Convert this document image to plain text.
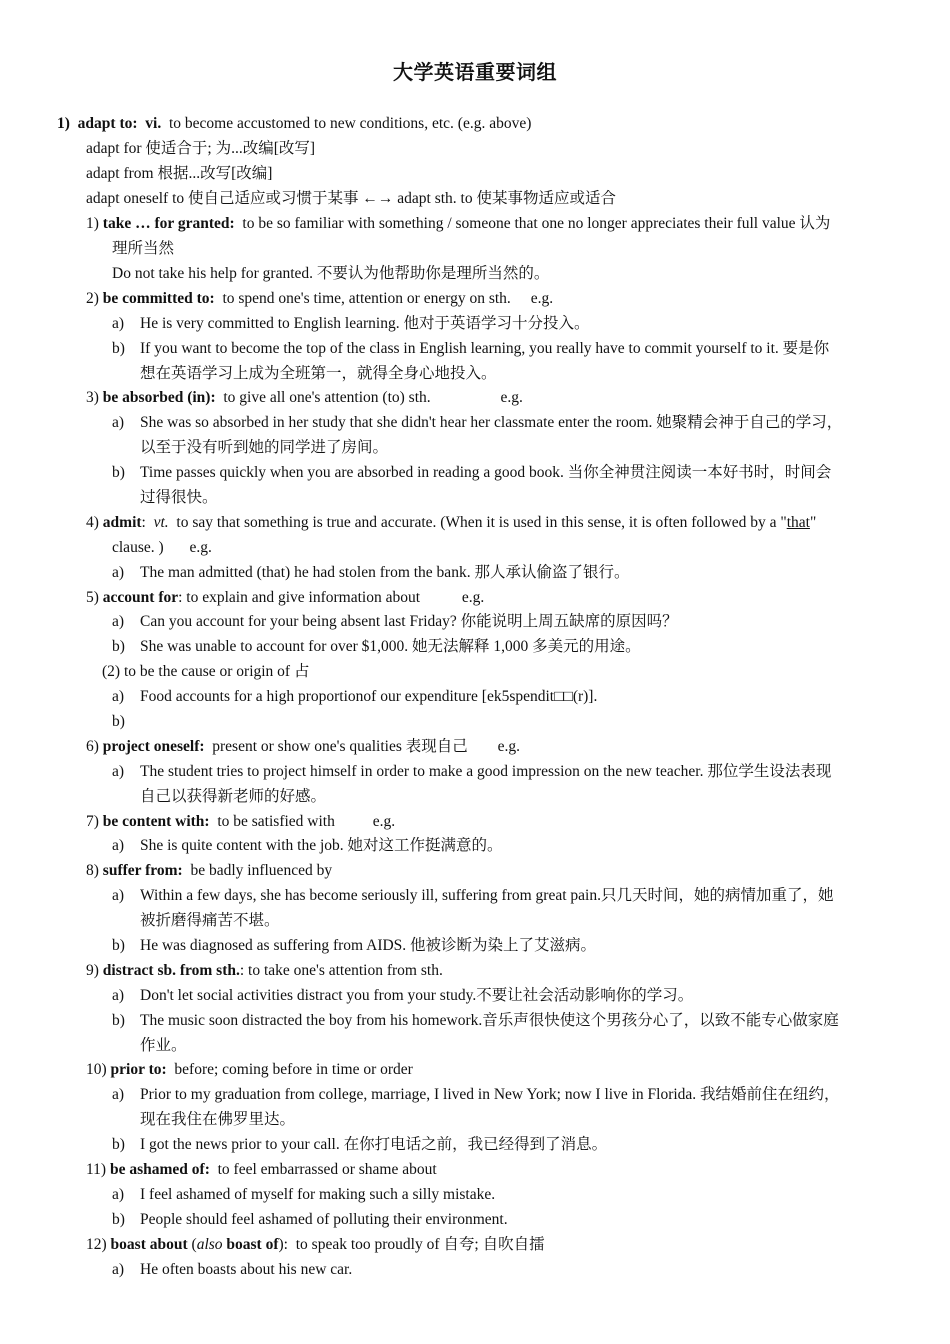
大学英语重要词组
1) adapt to: vi. to become accustomed to new conditions, etc. (e.g. above)
adapt for 使适合于; 为...改编[改写]
adapt from 根据...改写[改编]
adapt oneself to 使自己适应或习惯于某事 ←→ adapt sth. to 使某事物适应或适合
1) take … for granted: to be so familiar with something / someone that one no longer appreciates their full value 认为
理所当然
Do not take his help for granted. 不要认为他帮助你是理所当然的。
2) be committed to: to spend one's time, attention or energy on sth. e.g.
a) He is very committed to English learning. 他对于英语学习十分投入。
b) If you want to become the top of the class in English learning, you really have to commit yourself to it. 要是你
想在英语学习上成为全班第一，就得全身心地投入。
3) be absorbed (in): to give all one's attention (to) sth.	e.g.
a) She was so absorbed in her study that she didn't hear her classmate enter the room. 她聚精会神于自己的学习，
以至于没有听到她的同学进了房间。
b) Time passes quickly when you are absorbed in reading a good book. 当你全神贯注阅读一本好书时，时间会
过得很快。
4) admit: vt. to say that something is true and accurate. (When it is used in this sense, it is often followed by a "that"
clause. ) e.g.
a) The man admitted (that) he had stolen from the bank. 那人承认偷盗了银行。
5) account for: to explain and give information about	e.g.
a) Can you account for your being absent last Friday? 你能说明上周五缺席的原因吗？
b) She was unable to account for over $1,000. 她无法解释 1,000 多美元的用途。
(2) to be the cause or origin of 占
a) Food accounts for a high proportionof our expenditure [ek5spendit□□(r)].
b)
6) project oneself: present or show one's qualities 表现自己 e.g.
a) The student tries to project himself in order to make a good impression on the new teacher. 那位学生设法表现
自己以获得新老师的好感。
7) be content with: to be satisfied with e.g.
a) She is quite content with the job. 她对这工作挺满意的。
8) suffer from: be badly influenced by
a) Within a few days, she has become seriously ill, suffering from great pain.只几天时间，她的病情加重了，她
被折磨得痛苦不堪。
b) He was diagnosed as suffering from AIDS. 他被诊断为染上了艾滋病。
9) distract sb. from sth.: to take one's attention from sth.
a) Don't let social activities distract you from your study.不要让社会活动影响你的学习。
b) The music soon distracted the boy from his homework.音乐声很快使这个男孩分心了，以致不能专心做家庭
作业。
10) prior to: before; coming before in time or order
a) Prior to my graduation from college, marriage, I lived in New York; now I live in Florida. 我结婚前住在纽约，
现在我住在佛罗里达。
b) I got the news prior to your call. 在你打电话之前，我已经得到了消息。
11) be ashamed of: to feel embarrassed or shame about
a) I feel ashamed of myself for making such a silly mistake.
b) People should feel ashamed of polluting their environment.
12) boast about (also boast of): to speak too proudly of 自夸; 自吹自擂
a) He often boasts about his new car.
